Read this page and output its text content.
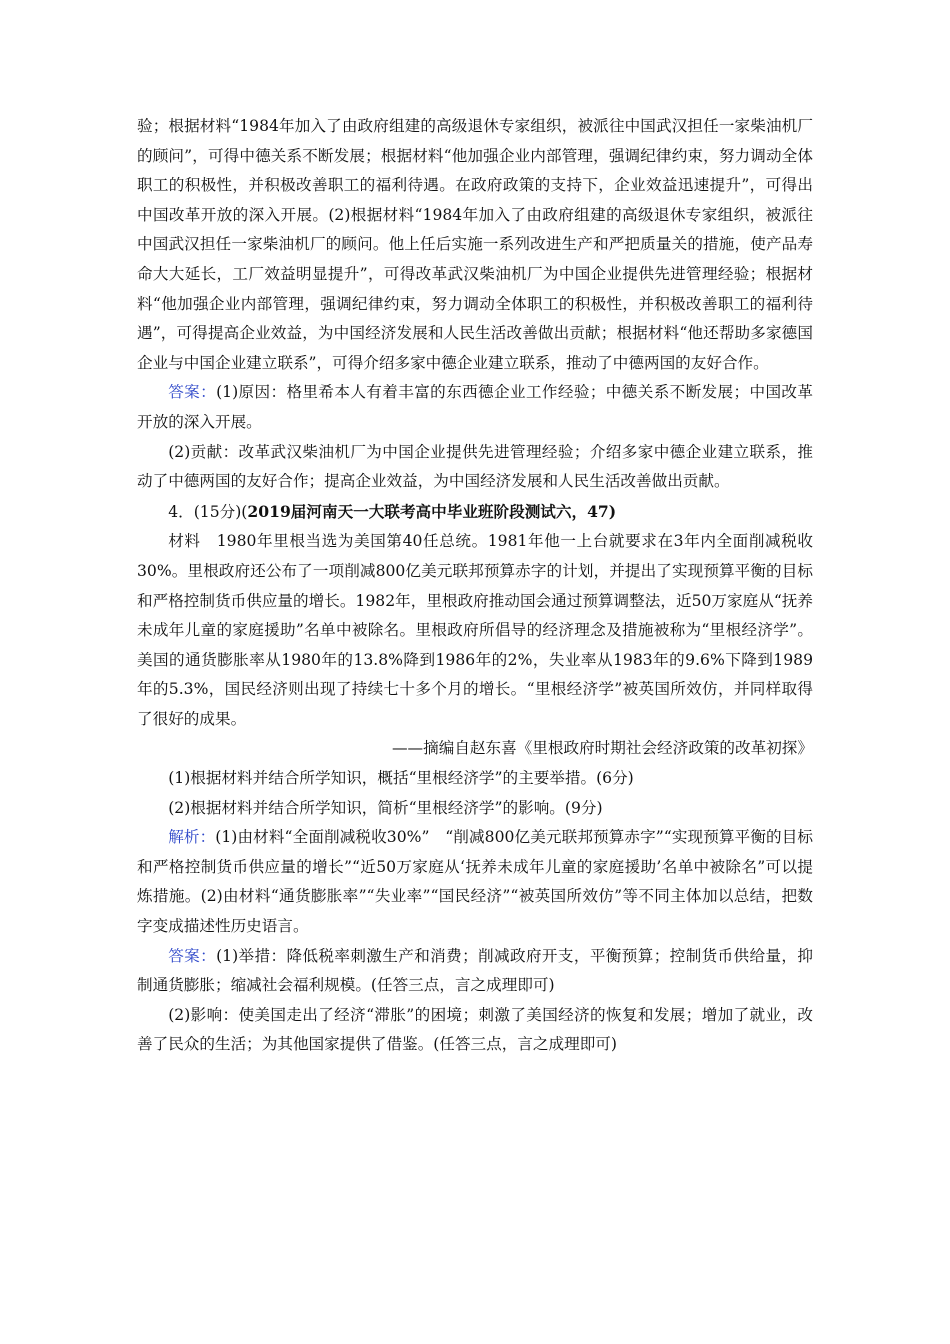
验；根据材料“1984年加入了由政府组建的高级退休专家组织，被派往中国武汉担任一家柴油机厂的顾问”，可得中德关系不断发展；根据材料“他加强企业内部管理，强调纪律约束，努力调动全体职工的积极性，并积极改善职工的福利待遇。在政府政策的支持下，企业效益迅速提升”，可得出中国改革开放的深入开展。(2)根据材料“1984年加入了由政府组建的高级退休专家组织，被派往中国武汉担任一家柴油机厂的顾问。他上任后实施一系列改进生产和严把质量关的措施，使产品寿命大大延长，工厂效益明显提升”，可得改革武汉柴油机厂为中国企业提供先进管理经验；根据材料“他加强企业内部管理，强调纪律约束，努力调动全体职工的积极性，并积极改善职工的福利待遇”，可得提高企业效益，为中国经济发展和人民生活改善做出贡献；根据材料“他还帮助多家德国企业与中国企业建立联系”，可得介绍多家中德企业建立联系，推动了中德两国的友好合作。

答案：(1)原因：格里希本人有着丰富的东西德企业工作经验；中德关系不断发展；中国改革开放的深入开展。

(2)贡献：改革武汉柴油机厂为中国企业提供先进管理经验；介绍多家中德企业建立联系，推动了中德两国的友好合作；提高企业效益，为中国经济发展和人民生活改善做出贡献。

4．(15分)(2019届河南天一大联考高中毕业班阶段测试六，47)

材料　1980年里根当选为美国第40任总统。1981年他一上台就要求在3年内全面削减税收30%。里根政府还公布了一项削减800亿美元联邦预算赤字的计划，并提出了实现预算平衡的目标和严格控制货币供应量的增长。1982年，里根政府推动国会通过预算调整法，近50万家庭从“抚养未成年儿童的家庭援助”名单中被除名。里根政府所倡导的经济理念及措施被称为“里根经济学”。美国的通货膨胀率从1980年的13.8%降到1986年的2%，失业率从1983年的9.6%下降到1989年的5.3%，国民经济则出现了持续七十多个月的增长。“里根经济学”被英国所效仿，并同样取得了很好的成果。

——摘编自赵东喜《里根政府时期社会经济政策的改革初探》

(1)根据材料并结合所学知识，概括“里根经济学”的主要举措。(6分)

(2)根据材料并结合所学知识，简析“里根经济学”的影响。(9分)

解析：(1)由材料“全面削减税收30%”　“削减800亿美元联邦预算赤字”“实现预算平衡的目标和严格控制货币供应量的增长”“近50万家庭从‘抚养未成年儿童的家庭援助’名单中被除名”可以提炼措施。(2)由材料“通货膨胀率”“失业率”“国民经济”“被英国所效仿”等不同主体加以总结，把数字变成描述性历史语言。

答案：(1)举措：降低税率刺激生产和消费；削减政府开支，平衡预算；控制货币供给量，抑制通货膨胀；缩减社会福利规模。(任答三点，言之成理即可)

(2)影响：使美国走出了经济“滞胀”的困境；刺激了美国经济的恢复和发展；增加了就业，改善了民众的生活；为其他国家提供了借鉴。(任答三点，言之成理即可)
